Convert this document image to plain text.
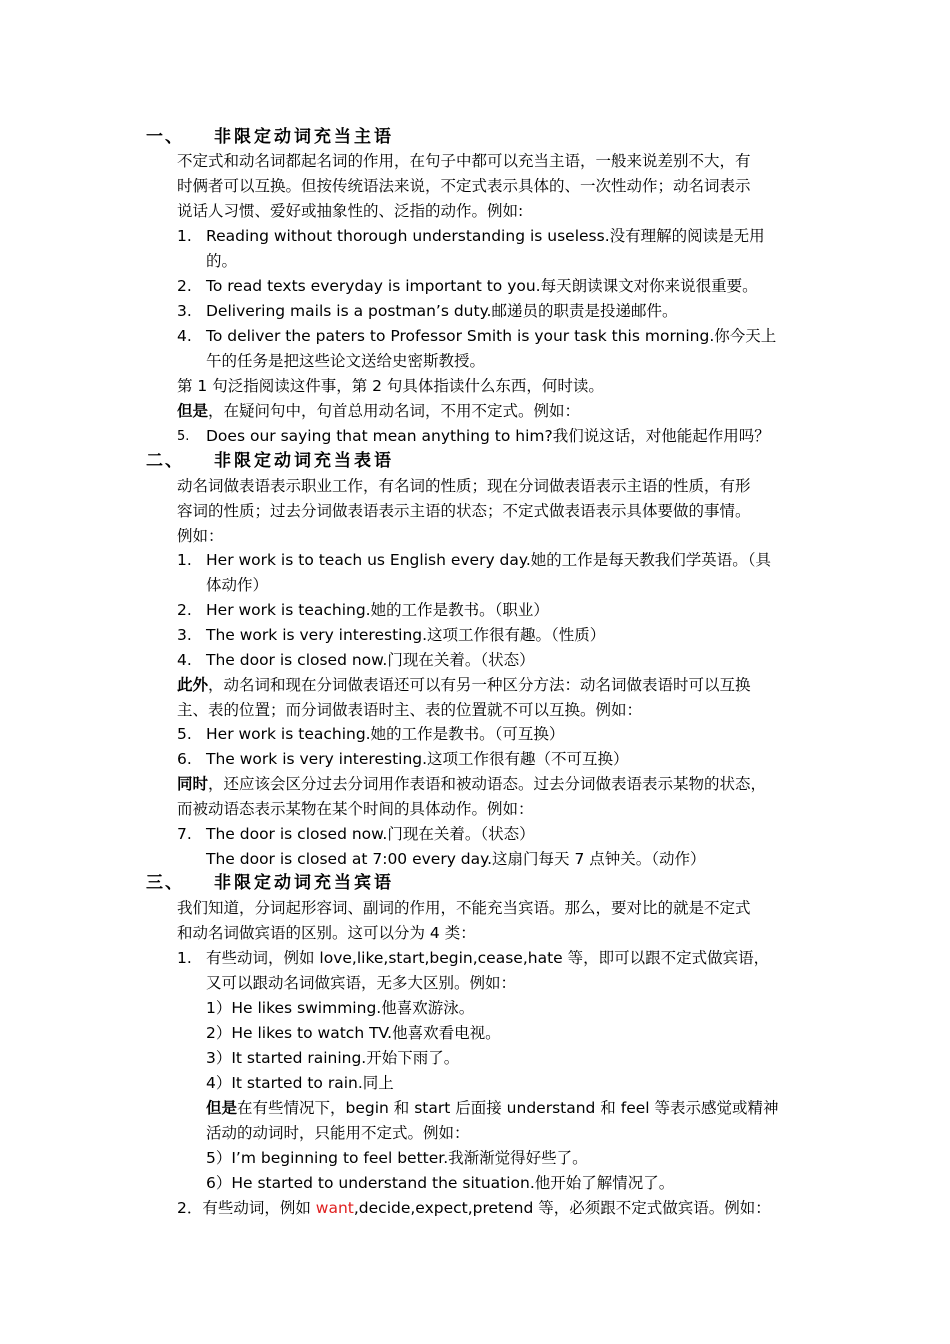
一、 非限定动词充当主语
不定式和动名词都起名词的作用，在句子中都可以充当主语，一般来说差别不大，有
时俩者可以互换。但按传统语法来说，不定式表示具体的、一次性动作；动名词表示
说话人习惯、爱好或抽象性的、泛指的动作。例如:
1. Reading without thorough understanding is useless.没有理解的阅读是无用
的。
2. To read texts everyday is important to you.每天朗读课文对你来说很重要。
3. Delivering mails is a postman’s duty.邮递员的职责是投递邮件。
4. To deliver the paters to Professor Smith is your task this morning.你今天上
午的任务是把这些论文送给史密斯教授。
第 1 句泛指阅读这件事，第 2 句具体指读什么东西，何时读。
但是，在疑问句中，句首总用动名词，不用不定式。例如：
5. Does our saying that mean anything to him?我们说这话，对他能起作用吗？
二、 非限定动词充当表语
动名词做表语表示职业工作，有名词的性质；现在分词做表语表示主语的性质，有形
容词的性质；过去分词做表语表示主语的状态；不定式做表语表示具体要做的事情。
例如：
1. Her work is to teach us English every day.她的工作是每天教我们学英语。（具
体动作）
2. Her work is teaching.她的工作是教书。（职业）
3. The work is very interesting.这项工作很有趣。（性质）
4. The door is closed now.门现在关着。（状态）
此外，动名词和现在分词做表语还可以有另一种区分方法：动名词做表语时可以互换
主、表的位置；而分词做表语时主、表的位置就不可以互换。例如：
5. Her work is teaching.她的工作是教书。（可互换）
6. The work is very interesting.这项工作很有趣（不可互换）
同时，还应该会区分过去分词用作表语和被动语态。过去分词做表语表示某物的状态，
而被动语态表示某物在某个时间的具体动作。例如：
7. The door is closed now.门现在关着。（状态）
The door is closed at 7:00 every day.这扇门每天 7 点钟关。（动作）
三、 非限定动词充当宾语
我们知道，分词起形容词、副词的作用，不能充当宾语。那么，要对比的就是不定式
和动名词做宾语的区别。这可以分为 4 类：
1. 有些动词，例如 love,like,start,begin,cease,hate 等，即可以跟不定式做宾语，
又可以跟动名词做宾语，无多大区别。例如：
1）He likes swimming.他喜欢游泳。
2）He likes to watch TV.他喜欢看电视。
3）It started raining.开始下雨了。
4）It started to rain.同上
但是在有些情况下，begin 和 start 后面接 understand 和 feel 等表示感觉或精神
活动的动词时，只能用不定式。例如：
5）I’m beginning to feel better.我渐渐觉得好些了。
6）He started to understand the situation.他开始了解情况了。
2．有些动词，例如 want,decide,expect,pretend 等，必须跟不定式做宾语。例如：
